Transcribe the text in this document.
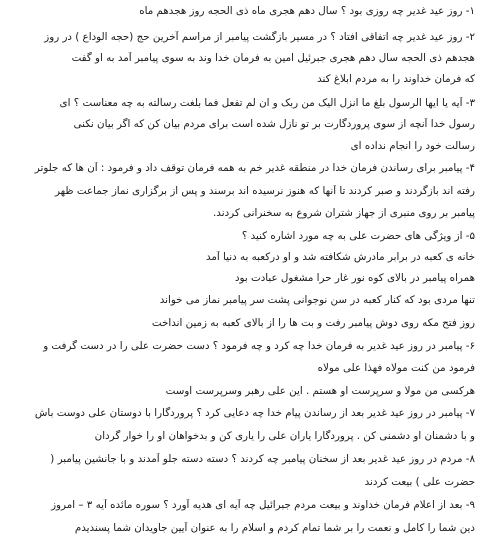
۱- روز عید غدیر چه روزی بود ؟ سال دهم هجری ماه ذی الحجه روز هجدهم ماه
۲- روز عید غدیر چه اتفاقی افتاد ؟ در مسیر بازگشت پیامبر از مراسم آخرین حج (حجه الوداع ) در روز
هجدهم ذی الحجه سال دهم هجری جبرئیل امین به فرمان خدا وند به سوی پیامبر آمد به او گفت
که فرمان خداوند را به مردم ابلاغ کند
۳- آیه یا ایها الرسول بلغ ما انزل الیک من ربک و ان لم تفعل فما بلغت رسالته به چه معناست ؟ ای
رسول خدا آنچه از سوی پروردگارت بر تو نازل شده است برای مردم بیان کن که اگر بیان نکنی
رسالت خود را انجام نداده ای
۴- پیامبر برای رساندن فرمان خدا در منطقه غدیر خم به همه فرمان توقف داد و فرمود : آن ها که جلوتر
رفته اند بازگردند و صبر کردند تا آنها که هنوز نرسیده اند برسند و پس از برگزاری نماز جماعت ظهر
پیامبر بر روی منبری از جهاز شتران شروع به سخنرانی کردند.
۵- از ویژگی های حضرت علی به چه مورد اشاره کنید ؟
خانه ی کعبه در برابر مادرش شکافته شد و او درکعبه به دنیا آمد
همراه پیامبر در بالای کوه نور غار حرا مشغول عبادت بود
تنها مردی بود که کنار کعبه در سن نوجوانی پشت سر پیامبر نماز می خواند
روز فتح مکه روی دوش پیامبر رفت و بت ها را از بالای کعبه به زمین انداخت
۶- پیامبر در روز عید غدیر به فرمان خدا چه کرد و چه فرمود ؟ دست حضرت علی را در دست گرفت و
فرمود من کنت مولاه فهذا علی مولاه
هرکسی من مولا و سرپرست او هستم . این علی رهبر وسرپرست اوست
۷- پیامبر در روز عید غدیر بعد از رساندن پیام خدا چه دعایی کرد ؟ پروردگارا با دوستان علی دوست باش
و با دشمنان او دشمنی کن . پروردگارا یاران علی را یاری کن و بدخواهان او را خوار گردان
۸- مردم در روز عید غدیر بعد از سخنان پیامبر چه کردند ؟ دسته دسته جلو آمدند و با جانشین پیامبر (
حضرت علی ) بیعت کردند
۹- بعد از اعلام فرمان خداوند و بیعت مردم جبرائیل چه آیه ای هدیه آورد ؟ سوره مائده آیه ۳ – امروز
دین شما را کامل و نعمت را بر شما تمام کردم و اسلام را به عنوان آیین جاویدان شما پسندیدم
